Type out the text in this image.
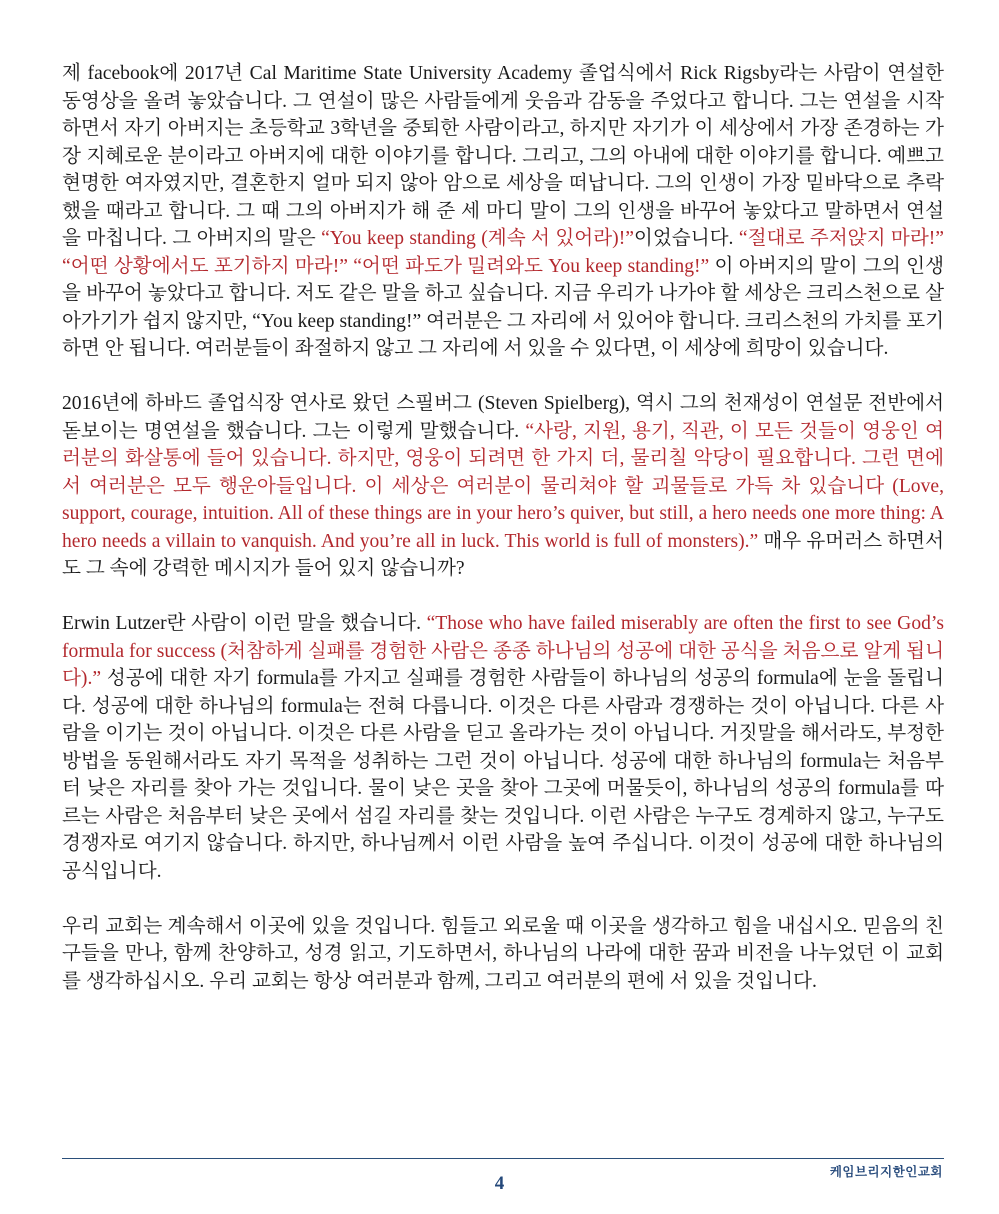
제 facebook에 2017년 Cal Maritime State University Academy 졸업식에서 Rick Rigsby라는 사람이 연설한 동영상을 올려 놓았습니다. 그 연설이 많은 사람들에게 웃음과 감동을 주었다고 합니다. 그는 연설을 시작하면서 자기 아버지는 초등학교 3학년을 중퇴한 사람이라고, 하지만 자기가 이 세상에서 가장 존경하는 가장 지혜로운 분이라고 아버지에 대한 이야기를 합니다. 그리고, 그의 아내에 대한 이야기를 합니다. 예쁘고 현명한 여자였지만, 결혼한지 얼마 되지 않아 암으로 세상을 떠납니다. 그의 인생이 가장 밑바닥으로 추락했을 때라고 합니다. 그 때 그의 아버지가 해 준 세 마디 말이 그의 인생을 바꾸어 놓았다고 말하면서 연설을 마칩니다. 그 아버지의 말은 “You keep standing (계속 서 있어라)!”이었습니다. “절대로 주저앉지 마라!” “어떤 상황에서도 포기하지 마라!” “어떤 파도가 밀려와도 You keep standing!” 이 아버지의 말이 그의 인생을 바꾸어 놓았다고 합니다. 저도 같은 말을 하고 싶습니다. 지금 우리가 나가야 할 세상은 크리스천으로 살아가기가 쉽지 않지만, “You keep standing!” 여러분은 그 자리에 서 있어야 합니다. 크리스천의 가치를 포기하면 안 됩니다. 여러분들이 좌절하지 않고 그 자리에 서 있을 수 있다면, 이 세상에 희망이 있습니다.

2016년에 하바드 졸업식장 연사로 왔던 스필버그 (Steven Spielberg), 역시 그의 천재성이 연설문 전반에서 돋보이는 명연설을 했습니다. 그는 이렇게 말했습니다. “사랑, 지원, 용기, 직관, 이 모든 것들이 영웅인 여러분의 화살통에 들어 있습니다. 하지만, 영웅이 되려면 한 가지 더, 물리칠 악당이 필요합니다. 그런 면에서 여러분은 모두 행운아들입니다. 이 세상은 여러분이 물리쳐야 할 괴물들로 가득 차 있습니다 (Love, support, courage, intuition. All of these things are in your hero’s quiver, but still, a hero needs one more thing: A hero needs a villain to vanquish. And you’re all in luck. This world is full of monsters).” 매우 유머러스 하면서도 그 속에 강력한 메시지가 들어 있지 않습니까?

Erwin Lutzer란 사람이 이런 말을 했습니다. “Those who have failed miserably are often the first to see God’s formula for success (처참하게 실패를 경험한 사람은 종종 하나님의 성공에 대한 공식을 처음으로 알게 됩니다).” 성공에 대한 자기 formula를 가지고 실패를 경험한 사람들이 하나님의 성공의 formula에 눈을 돌립니다. 성공에 대한 하나님의 formula는 전혀 다릅니다. 이것은 다른 사람과 경쟁하는 것이 아닙니다. 다른 사람을 이기는 것이 아닙니다. 이것은 다른 사람을 딛고 올라가는 것이 아닙니다. 거짓말을 해서라도, 부정한 방법을 동원해서라도 자기 목적을 성취하는 그런 것이 아닙니다. 성공에 대한 하나님의 formula는 처음부터 낮은 자리를 찾아 가는 것입니다. 물이 낮은 곳을 찾아 그곳에 머물듯이, 하나님의 성공의 formula를 따르는 사람은 처음부터 낮은 곳에서 섬길 자리를 찾는 것입니다. 이런 사람은 누구도 경계하지 않고, 누구도 경쟁자로 여기지 않습니다. 하지만, 하나님께서 이런 사람을 높여 주십니다. 이것이 성공에 대한 하나님의 공식입니다.

우리 교회는 계속해서 이곳에 있을 것입니다. 힘들고 외로울 때 이곳을 생각하고 힘을 내십시오. 믿음의 친구들을 만나, 함께 찬양하고, 성경 읽고, 기도하면서, 하나님의 나라에 대한 꿈과 비전을 나누었던 이 교회를 생각하십시오. 우리 교회는 항상 여러분과 함께, 그리고 여러분의 편에 서 있을 것입니다.

4
케임브리지한인교회
